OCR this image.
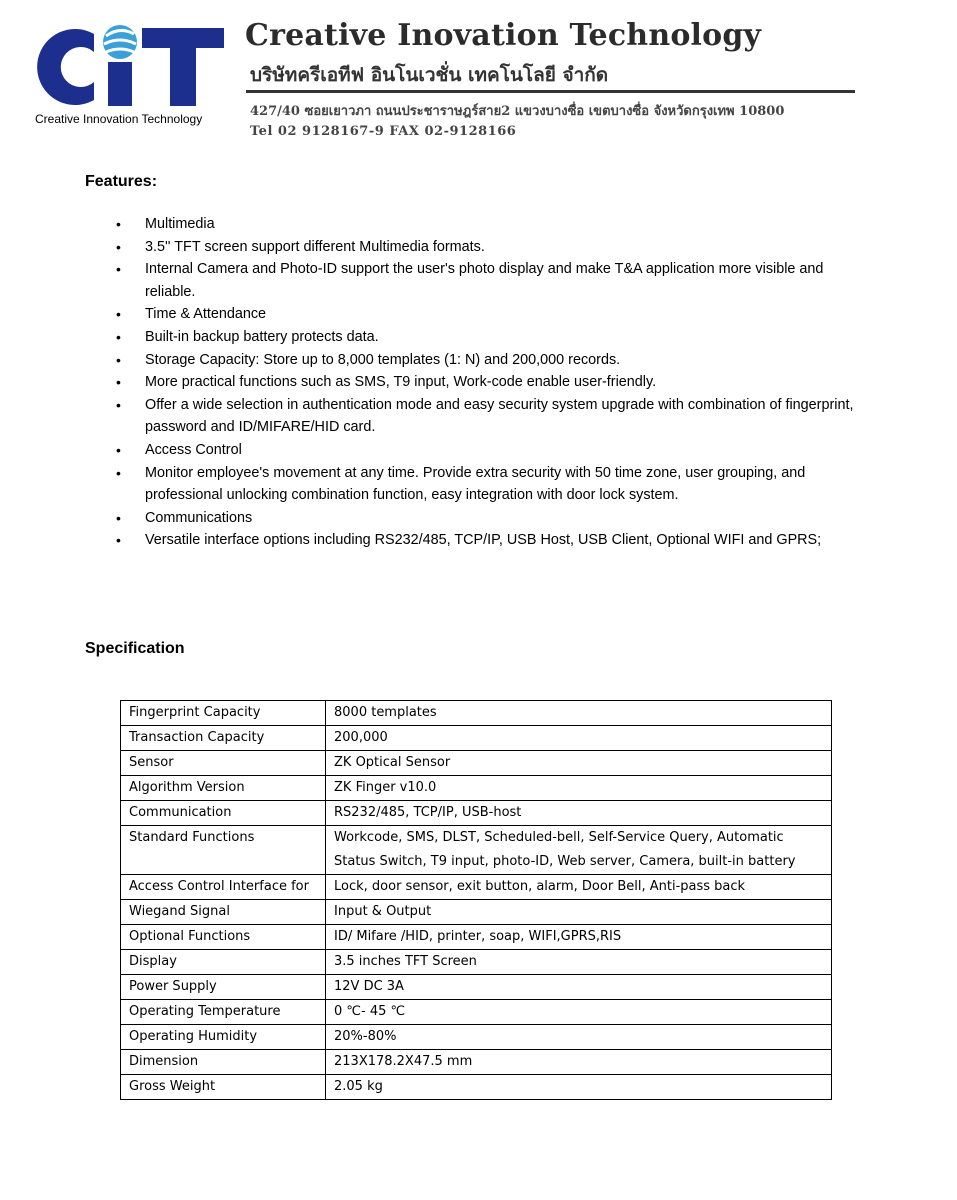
Creative Innovation Technology
Creative Inovation Technology
บริษัทครีเอทีฟ อินโนเวชั่น เทคโนโลยี จำกัด
427/40 ซอยเยาวภา ถนนประชาราษฎร์สาย2 แขวงบางซื่อ เขตบางซื่อ จังหวัดกรุงเทพ 10800
Tel 02 9128167-9 FAX 02-9128166
Features:
• Multimedia
• 3.5'' TFT screen support different Multimedia formats.
• Internal Camera and Photo-ID support the user's photo display and make T&A application more visible and reliable.
• Time & Attendance
• Built-in backup battery protects data.
• Storage Capacity: Store up to 8,000 templates (1: N) and 200,000 records.
• More practical functions such as SMS, T9 input, Work-code enable user-friendly.
• Offer a wide selection in authentication mode and easy security system upgrade with combination of fingerprint, password and ID/MIFARE/HID card.
• Access Control
• Monitor employee's movement at any time. Provide extra security with 50 time zone, user grouping, and professional unlocking combination function, easy integration with door lock system.
• Communications
• Versatile interface options including RS232/485, TCP/IP, USB Host, USB Client, Optional WIFI and GPRS;
Specification
Fingerprint Capacity	8000 templates
Transaction Capacity	200,000
Sensor	ZK Optical Sensor
Algorithm Version	ZK Finger v10.0
Communication	RS232/485, TCP/IP, USB-host
Standard Functions	Workcode, SMS, DLST, Scheduled-bell, Self-Service Query, Automatic Status Switch, T9 input, photo-ID, Web server, Camera, built-in battery
Access Control Interface for	Lock, door sensor, exit button, alarm, Door Bell, Anti-pass back
Wiegand Signal	Input & Output
Optional Functions	ID/ Mifare /HID, printer, soap, WIFI,GPRS,RIS
Display	3.5 inches TFT Screen
Power Supply	12V DC 3A
Operating Temperature	0 ℃- 45 ℃
Operating Humidity	20%-80%
Dimension	213X178.2X47.5 mm
Gross Weight	2.05 kg
